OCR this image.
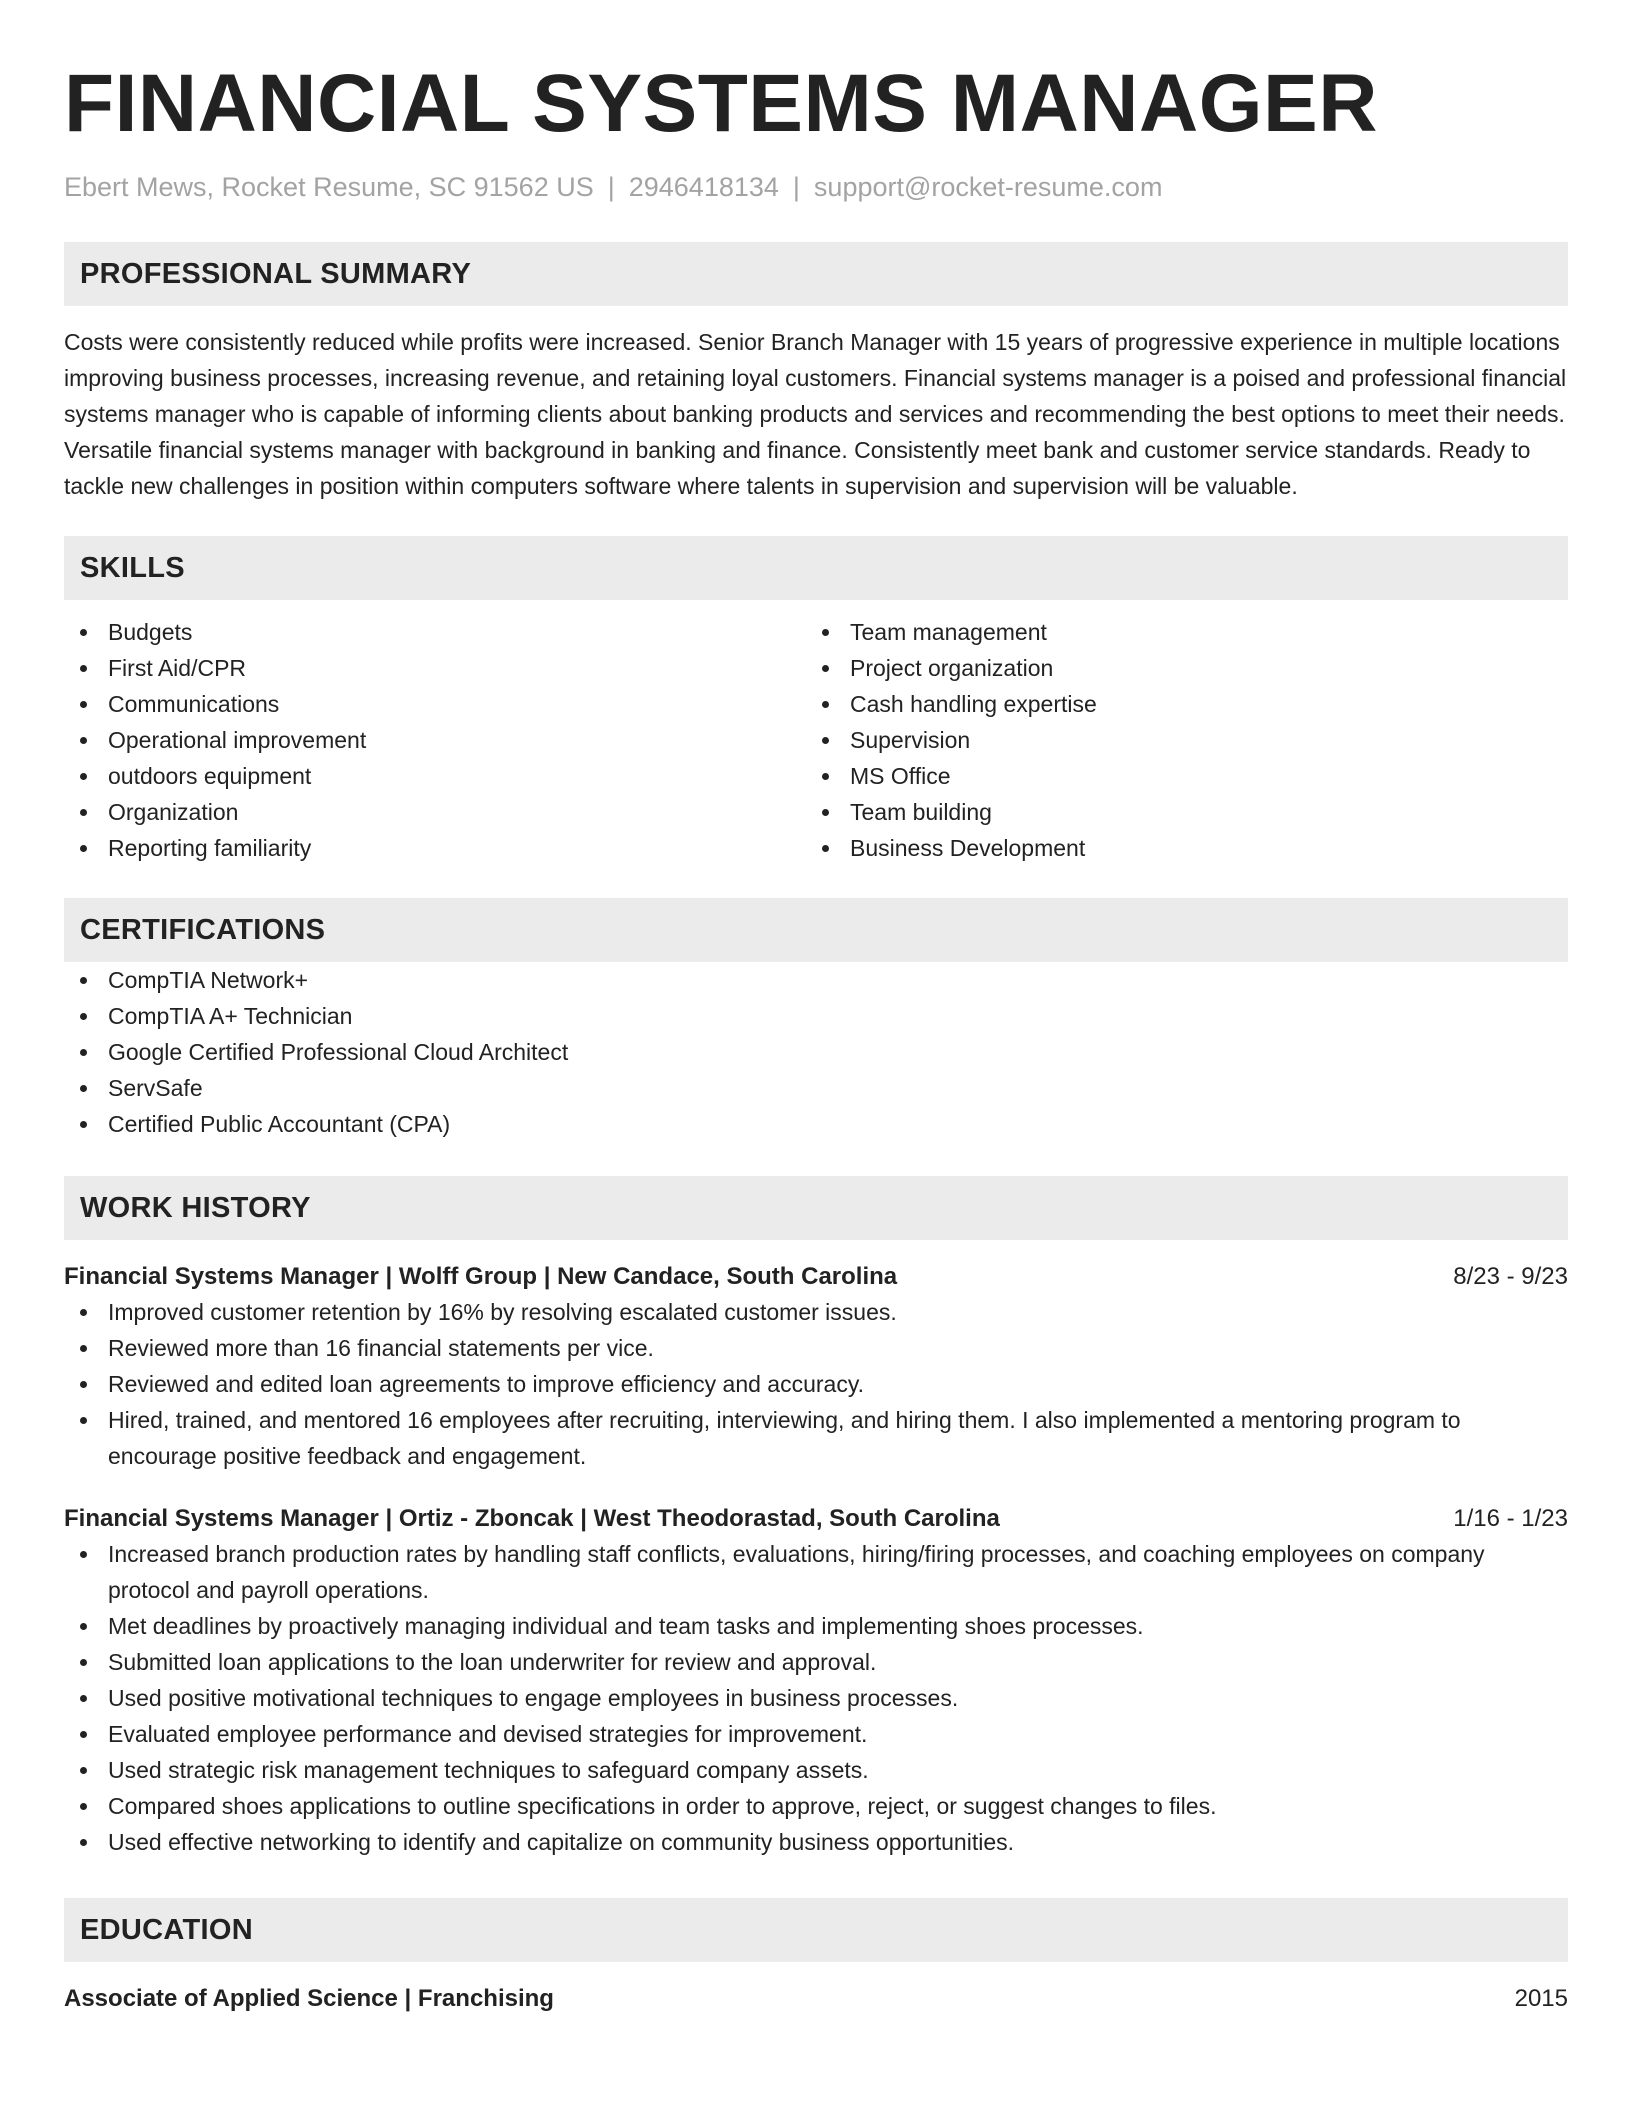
FINANCIAL SYSTEMS MANAGER
Ebert Mews, Rocket Resume, SC 91562 US | 2946418134 | support@rocket-resume.com
PROFESSIONAL SUMMARY
Costs were consistently reduced while profits were increased. Senior Branch Manager with 15 years of progressive experience in multiple locations improving business processes, increasing revenue, and retaining loyal customers. Financial systems manager is a poised and professional financial systems manager who is capable of informing clients about banking products and services and recommending the best options to meet their needs. Versatile financial systems manager with background in banking and finance. Consistently meet bank and customer service standards. Ready to tackle new challenges in position within computers software where talents in supervision and supervision will be valuable.
SKILLS
Budgets
First Aid/CPR
Communications
Operational improvement
outdoors equipment
Organization
Reporting familiarity
Team management
Project organization
Cash handling expertise
Supervision
MS Office
Team building
Business Development
CERTIFICATIONS
CompTIA Network+
CompTIA A+ Technician
Google Certified Professional Cloud Architect
ServSafe
Certified Public Accountant (CPA)
WORK HISTORY
Financial Systems Manager | Wolff Group | New Candace, South Carolina	8/23 - 9/23
Improved customer retention by 16% by resolving escalated customer issues.
Reviewed more than 16 financial statements per vice.
Reviewed and edited loan agreements to improve efficiency and accuracy.
Hired, trained, and mentored 16 employees after recruiting, interviewing, and hiring them. I also implemented a mentoring program to encourage positive feedback and engagement.
Financial Systems Manager | Ortiz - Zboncak | West Theodorastad, South Carolina	1/16 - 1/23
Increased branch production rates by handling staff conflicts, evaluations, hiring/firing processes, and coaching employees on company protocol and payroll operations.
Met deadlines by proactively managing individual and team tasks and implementing shoes processes.
Submitted loan applications to the loan underwriter for review and approval.
Used positive motivational techniques to engage employees in business processes.
Evaluated employee performance and devised strategies for improvement.
Used strategic risk management techniques to safeguard company assets.
Compared shoes applications to outline specifications in order to approve, reject, or suggest changes to files.
Used effective networking to identify and capitalize on community business opportunities.
EDUCATION
Associate of Applied Science | Franchising	2015
